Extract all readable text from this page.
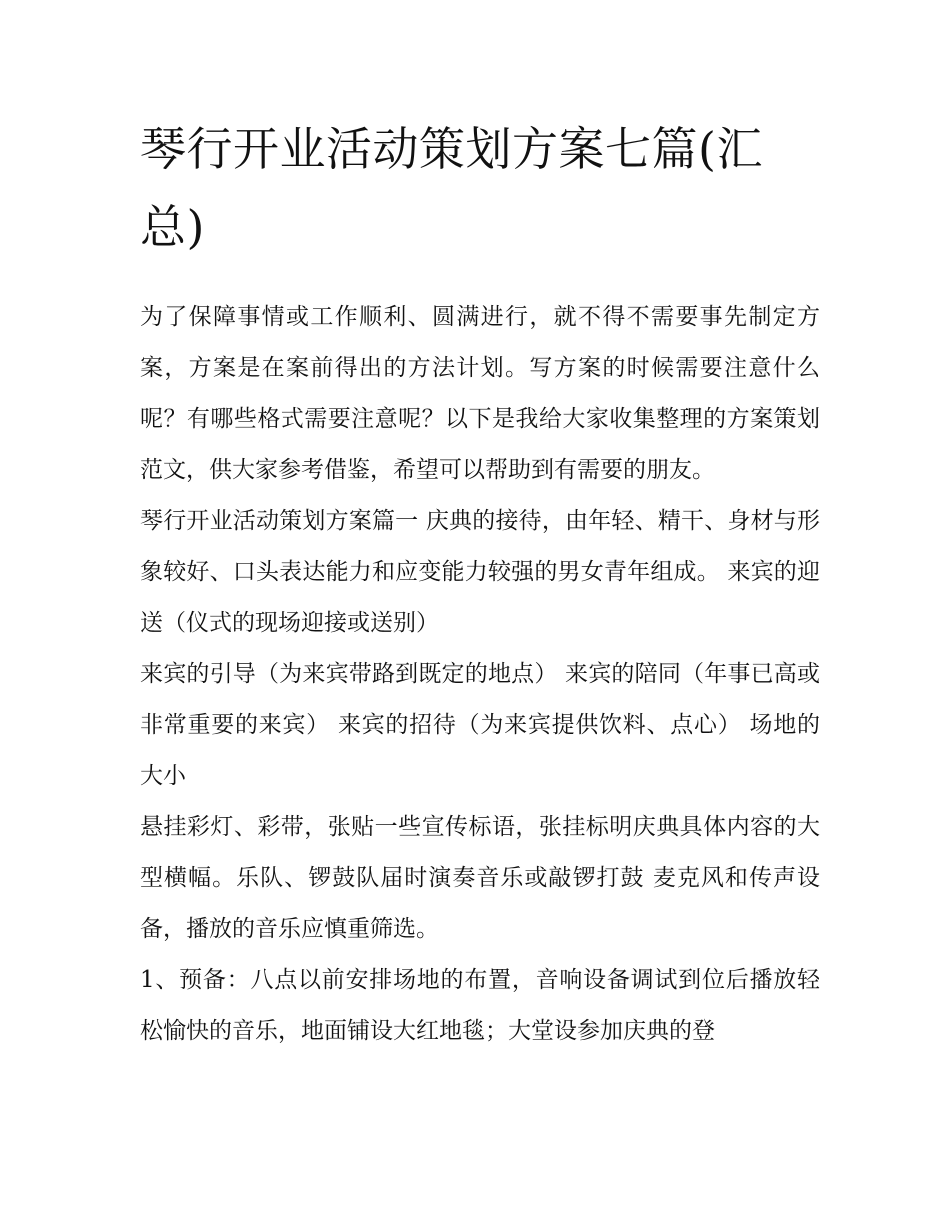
琴行开业活动策划方案七篇(汇总)

为了保障事情或工作顺利、圆满进行，就不得不需要事先制定方案，方案是在案前得出的方法计划。写方案的时候需要注意什么呢？有哪些格式需要注意呢？以下是我给大家收集整理的方案策划范文，供大家参考借鉴，希望可以帮助到有需要的朋友。

琴行开业活动策划方案篇一 庆典的接待，由年轻、精干、身材与形象较好、口头表达能力和应变能力较强的男女青年组成。 来宾的迎送（仪式的现场迎接或送别）

来宾的引导（为来宾带路到既定的地点） 来宾的陪同（年事已高或非常重要的来宾） 来宾的招待（为来宾提供饮料、点心） 场地的大小

悬挂彩灯、彩带，张贴一些宣传标语，张挂标明庆典具体内容的大型横幅。乐队、锣鼓队届时演奏音乐或敲锣打鼓 麦克风和传声设备，播放的音乐应慎重筛选。

1、预备：八点以前安排场地的布置，音响设备调试到位后播放轻松愉快的音乐，地面铺设大红地毯；大堂设参加庆典的登
